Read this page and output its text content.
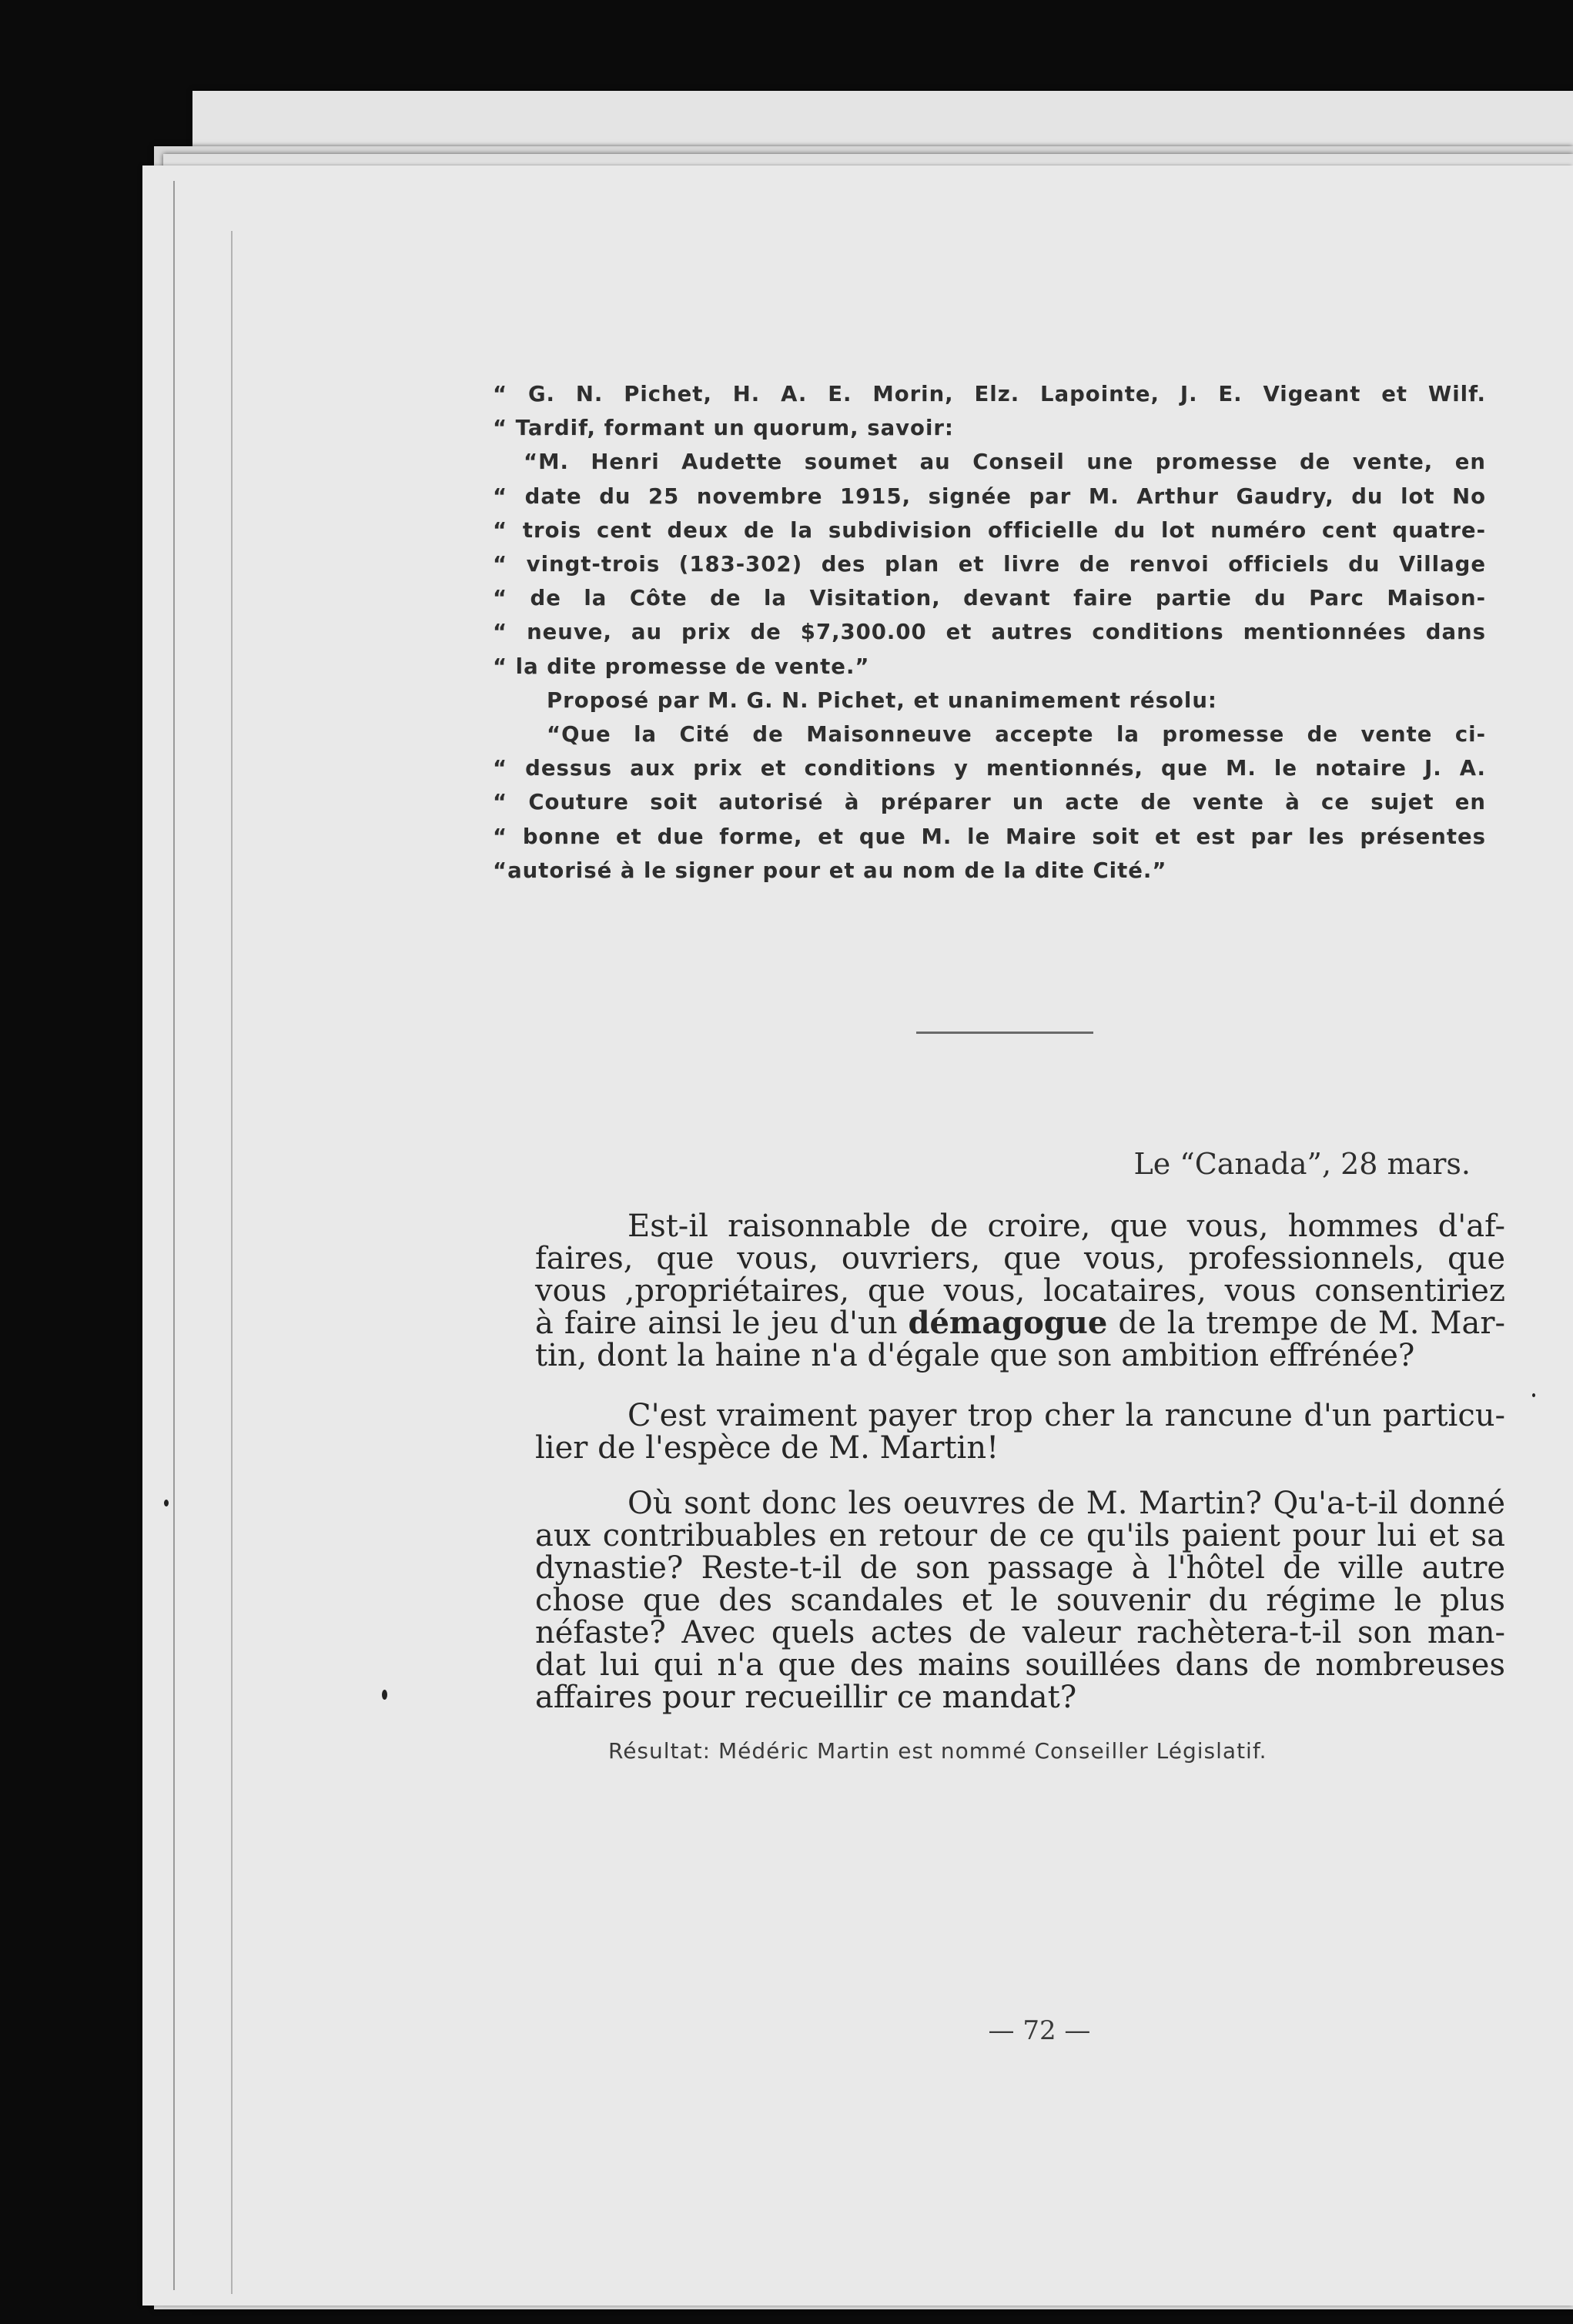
“ G. N. Pichet, H. A. E. Morin, Elz. Lapointe, J. E. Vigeant et Wilf.
“ Tardif, formant un quorum, savoir:
“M. Henri Audette soumet au Conseil une promesse de vente, en
“ date du 25 novembre 1915, signée par M. Arthur Gaudry, du lot No
“ trois cent deux de la subdivision officielle du lot numéro cent quatre-
“ vingt-trois (183-302) des plan et livre de renvoi officiels du Village
“ de la Côte de la Visitation, devant faire partie du Parc Maison-
“ neuve, au prix de $7,300.00 et autres conditions mentionnées dans
“ la dite promesse de vente.”
Proposé par M. G. N. Pichet, et unanimement résolu:
“Que la Cité de Maisonneuve accepte la promesse de vente ci-
“ dessus aux prix et conditions y mentionnés, que M. le notaire J. A.
“ Couture soit autorisé à préparer un acte de vente à ce sujet en
“ bonne et due forme, et que M. le Maire soit et est par les présentes
“autorisé à le signer pour et au nom de la dite Cité.”
Le “Canada”, 28 mars.
Est-il raisonnable de croire, que vous, hommes d'af-
faires, que vous, ouvriers, que vous, professionnels, que
vous ,propriétaires, que vous, locataires, vous consentiriez
à faire ainsi le jeu d'un démagogue de la trempe de M. Mar-
tin, dont la haine n'a d'égale que son ambition effrénée?
C'est vraiment payer trop cher la rancune d'un particu-
lier de l'espèce de M. Martin!
Où sont donc les oeuvres de M. Martin? Qu'a-t-il donné
aux contribuables en retour de ce qu'ils paient pour lui et sa
dynastie? Reste-t-il de son passage à l'hôtel de ville autre
chose que des scandales et le souvenir du régime le plus
néfaste? Avec quels actes de valeur rachètera-t-il son man-
dat lui qui n'a que des mains souillées dans de nombreuses
affaires pour recueillir ce mandat?
Résultat: Médéric Martin est nommé Conseiller Législatif.
— 72 —
